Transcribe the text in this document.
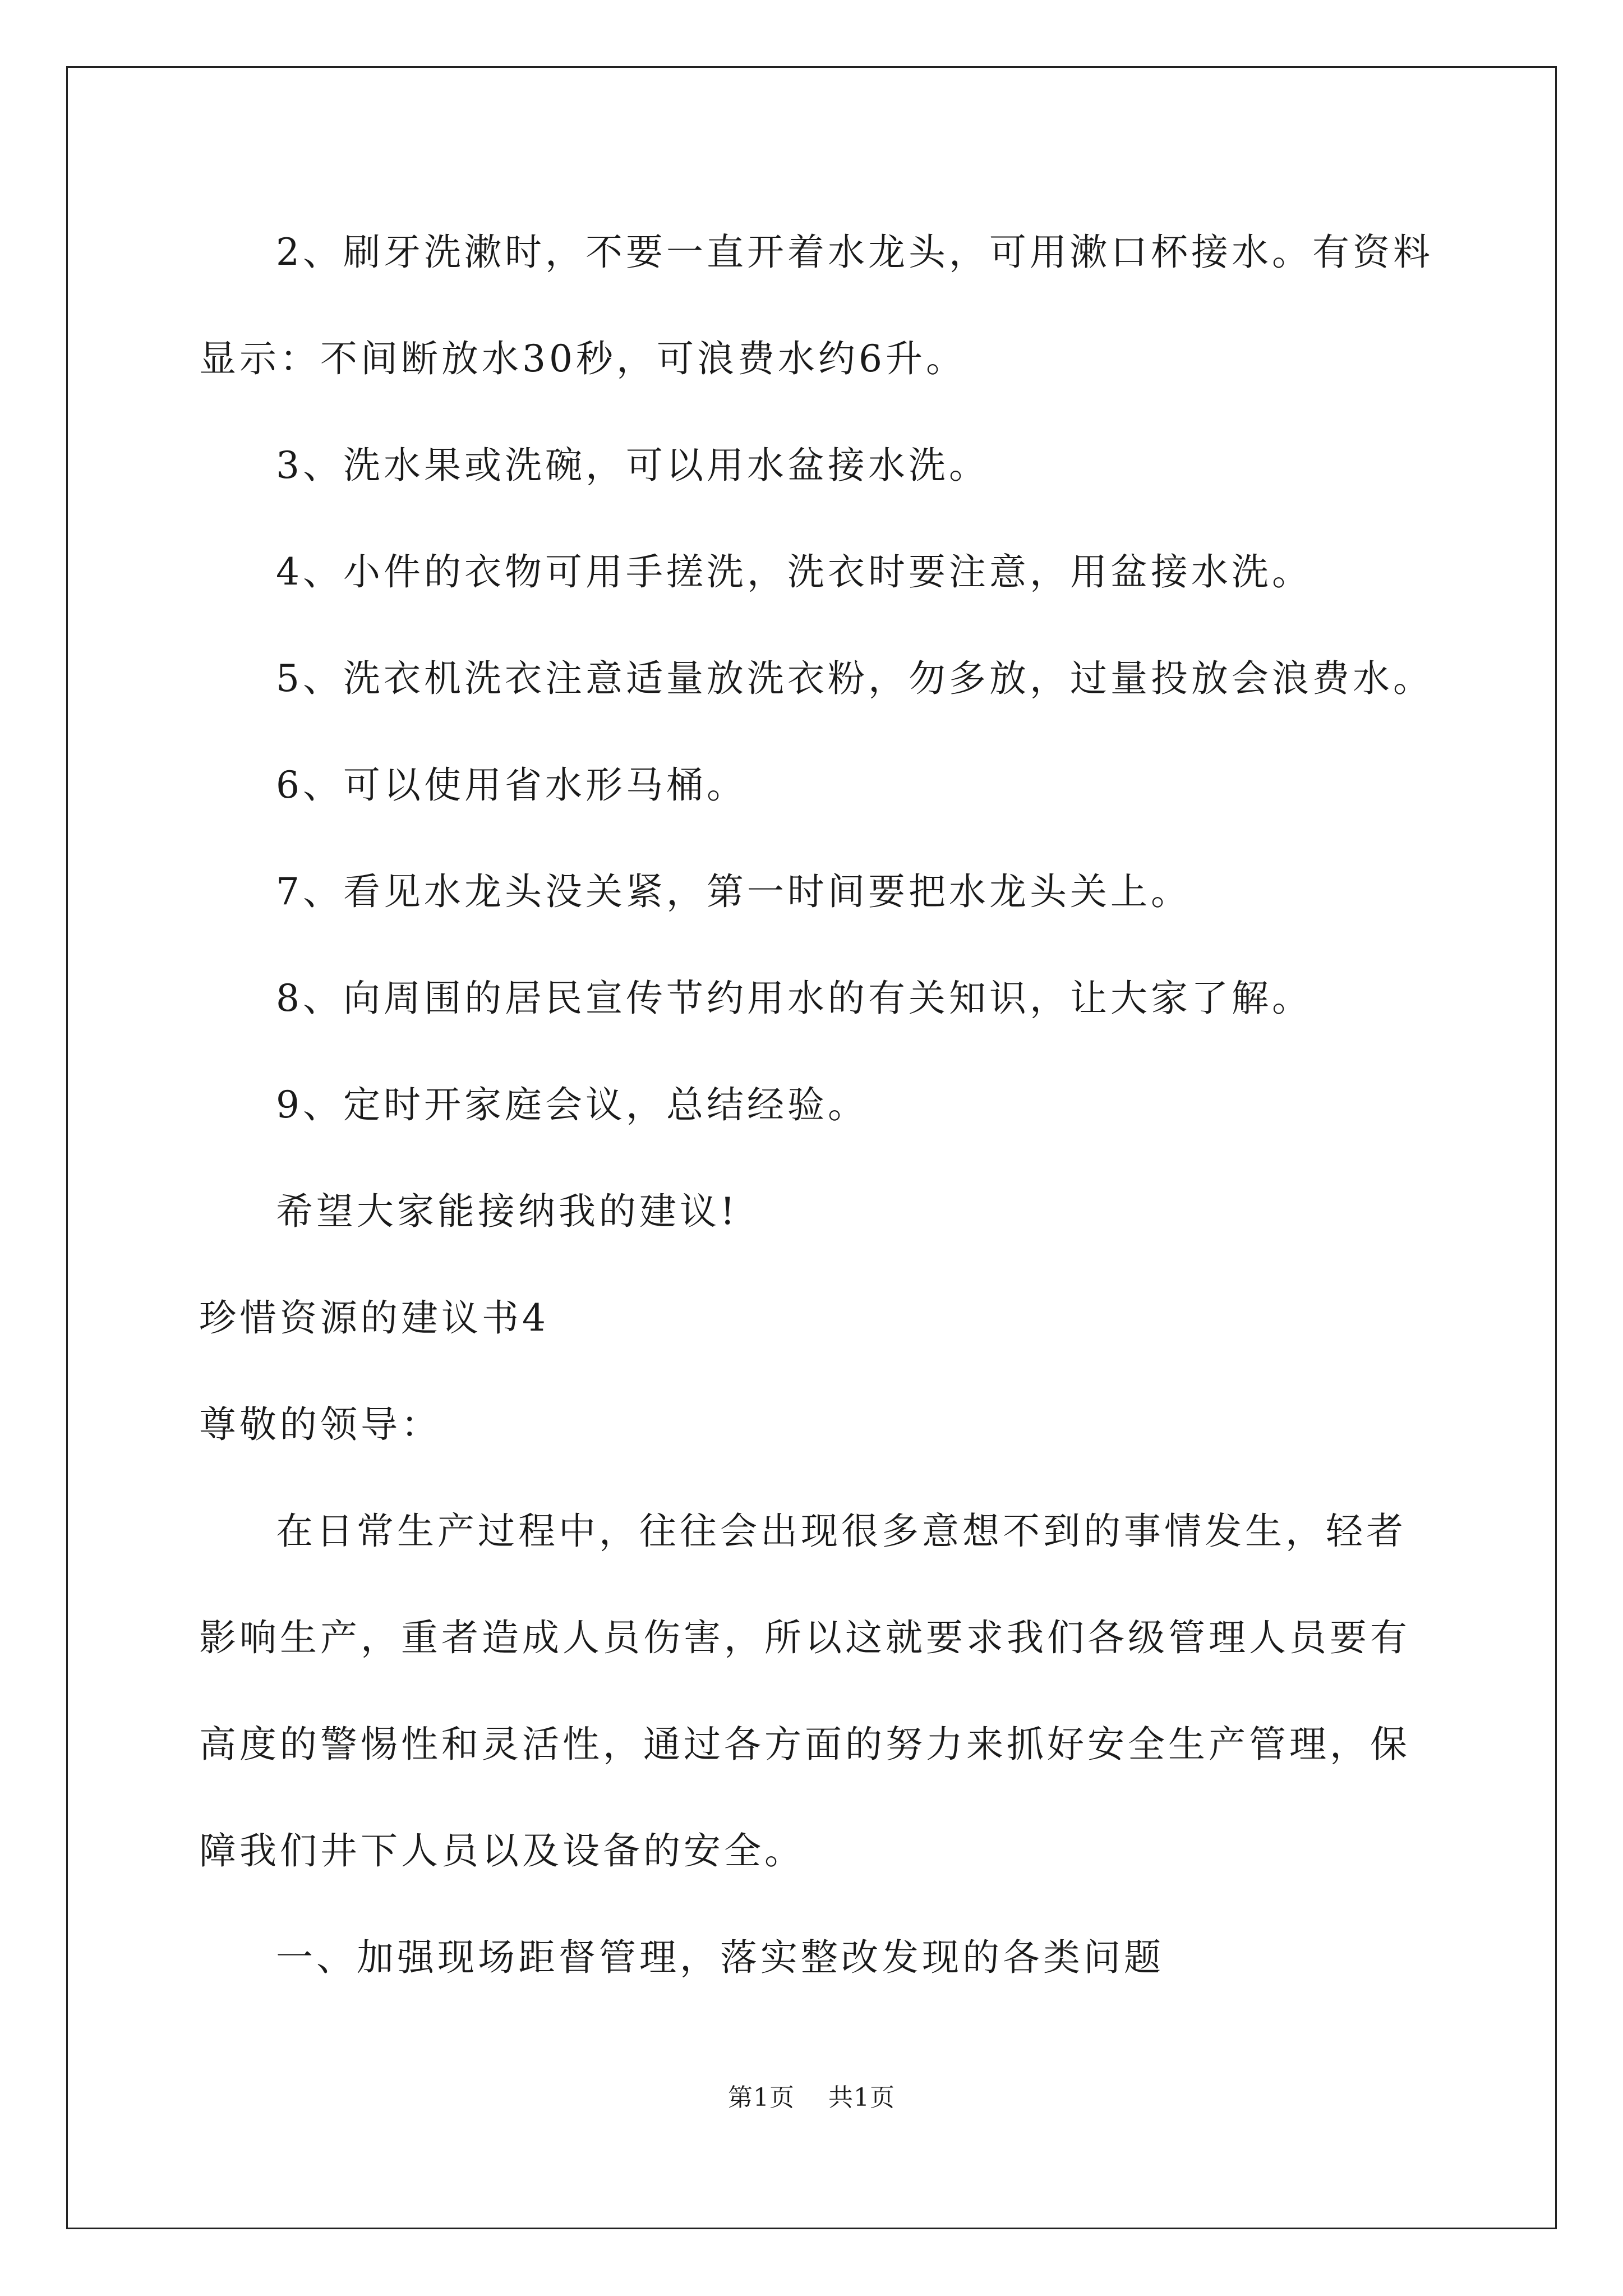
2、刷牙洗漱时，不要一直开着水龙头，可用漱口杯接水。有资料
显示：不间断放水30秒，可浪费水约6升。
3、洗水果或洗碗，可以用水盆接水洗。
4、小件的衣物可用手搓洗，洗衣时要注意，用盆接水洗。
5、洗衣机洗衣注意适量放洗衣粉，勿多放，过量投放会浪费水。
6、可以使用省水形马桶。
7、看见水龙头没关紧，第一时间要把水龙头关上。
8、向周围的居民宣传节约用水的有关知识，让大家了解。
9、定时开家庭会议，总结经验。
希望大家能接纳我的建议!
珍惜资源的建议书4
尊敬的领导：
在日常生产过程中，往往会出现很多意想不到的事情发生，轻者
影响生产，重者造成人员伤害，所以这就要求我们各级管理人员要有
高度的警惕性和灵活性，通过各方面的努力来抓好安全生产管理，保
障我们井下人员以及设备的安全。
一、加强现场距督管理，落实整改发现的各类问题
第1页    共1页
